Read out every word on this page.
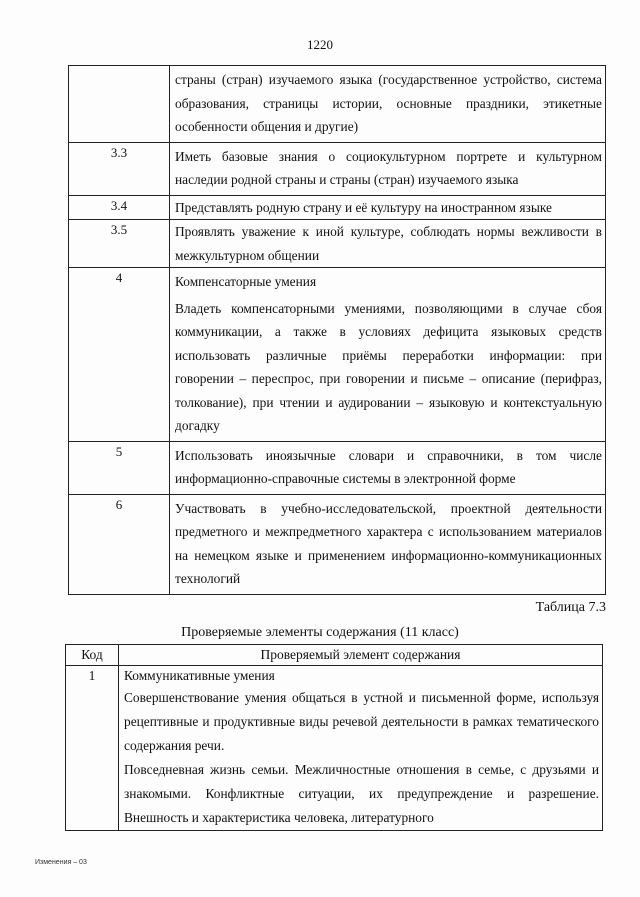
1220
	страны (стран) изучаемого языка (государственное устройство, система образования, страницы истории, основные праздники, этикетные особенности общения и другие)
3.3	Иметь базовые знания о социокультурном портрете и культурном наследии родной страны и страны (стран) изучаемого языка
3.4	Представлять родную страну и её культуру на иностранном языке
3.5	Проявлять уважение к иной культуре, соблюдать нормы вежливости в межкультурном общении
4	Компенсаторные умения
Владеть компенсаторными умениями, позволяющими в случае сбоя коммуникации, а также в условиях дефицита языковых средств использовать различные приёмы переработки информации: при говорении – переспрос, при говорении и письме – описание (перифраз, толкование), при чтении и аудировании – языковую и контекстуальную догадку

5	Использовать иноязычные словари и справочники, в том числе информационно-справочные системы в электронной форме
6	Участвовать в учебно-исследовательской, проектной деятельности предметного и межпредметного характера с использованием материалов на немецком языке и применением информационно-коммуникационных технологий
Таблица 7.3
Проверяемые элементы содержания (11 класс)
Код	Проверяемый элемент содержания
1	Коммуникативные умения
Совершенствование умения общаться в устной и письменной форме, используя рецептивные и продуктивные виды речевой деятельности в рамках тематического содержания речи.
Повседневная жизнь семьи. Межличностные отношения в семье, с друзьями и знакомыми. Конфликтные ситуации, их предупреждение и разрешение. Внешность и характеристика человека, литературного
Изменения – 03
